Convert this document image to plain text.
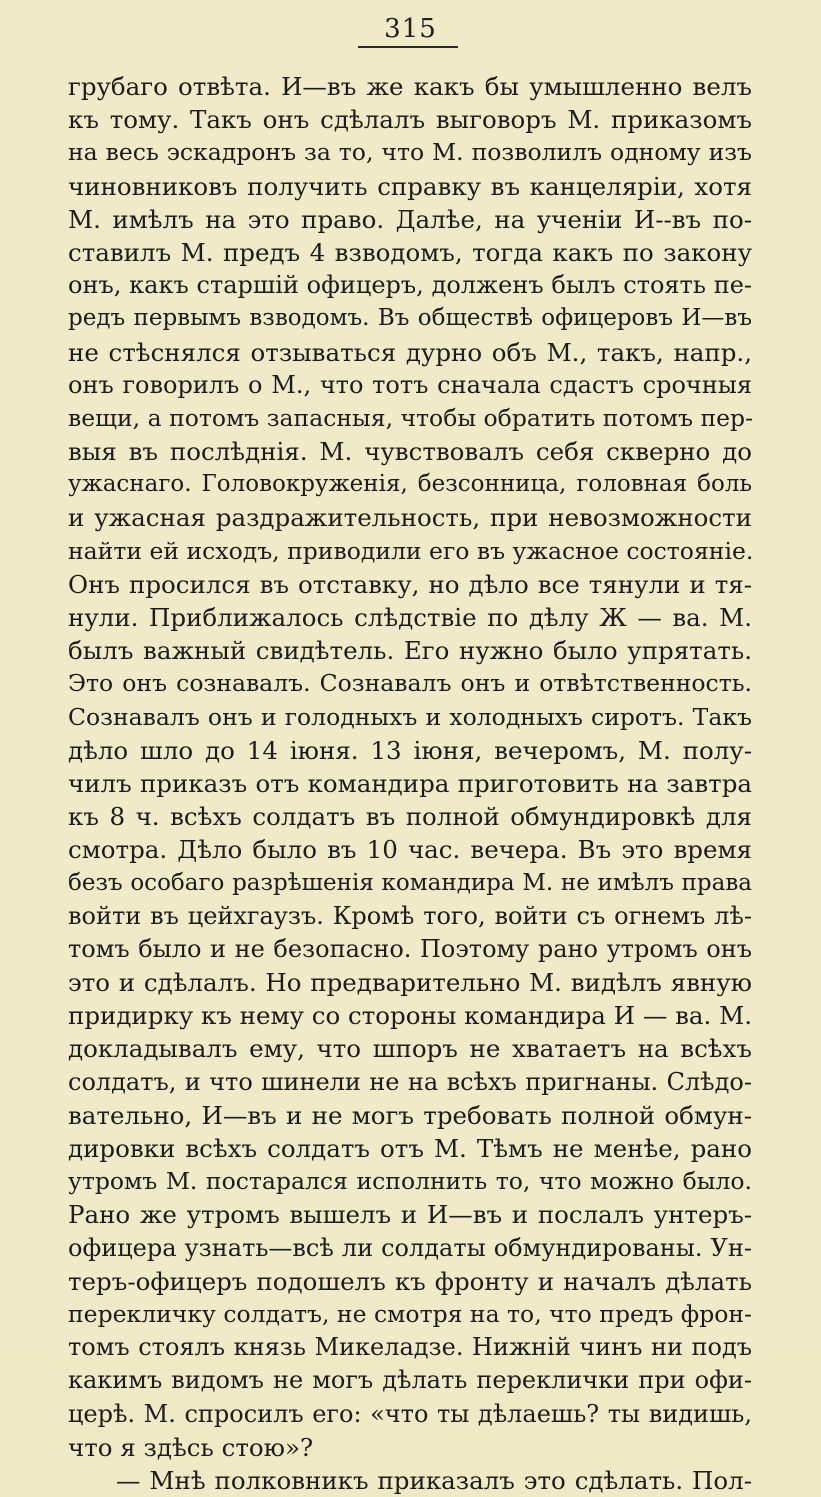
315
грубаго отвѣта. И—въ же какъ бы умышленно велъ
къ тому. Такъ онъ сдѣлалъ выговоръ М. приказомъ
на весь эскадронъ за то, что М. позволилъ одному изъ
чиновниковъ получить справку въ канцеляріи, хотя
М. имѣлъ на это право. Далѣе, на ученіи И--въ по-
ставилъ М. предъ 4 взводомъ, тогда какъ по закону
онъ, какъ старшій офицеръ, долженъ былъ стоять пе-
редъ первымъ взводомъ. Въ обществѣ офицеровъ И—въ
не стѣснялся отзываться дурно объ М., такъ, напр.,
онъ говорилъ о М., что тотъ сначала сдастъ срочныя
вещи, а потомъ запасныя, чтобы обратить потомъ пер-
выя въ послѣднія. М. чувствовалъ себя скверно до
ужаснаго. Головокруженія, безсонница, головная боль
и ужасная раздражительность, при невозможности
найти ей исходъ, приводили его въ ужасное состояніе.
Онъ просился въ отставку, но дѣло все тянули и тя-
нули. Приближалось слѣдствіе по дѣлу Ж — ва. М.
былъ важный свидѣтель. Его нужно было упрятать.
Это онъ сознавалъ. Сознавалъ онъ и отвѣтственность.
Сознавалъ онъ и голодныхъ и холодныхъ сиротъ. Такъ
дѣло шло до 14 іюня. 13 іюня, вечеромъ, М. полу-
чилъ приказъ отъ командира приготовить на завтра
къ 8 ч. всѣхъ солдатъ въ полной обмундировкѣ для
смотра. Дѣло было въ 10 час. вечера. Въ это время
безъ особаго разрѣшенія командира М. не имѣлъ права
войти въ цейхгаузъ. Кромѣ того, войти съ огнемъ лѣ-
томъ было и не безопасно. Поэтому рано утромъ онъ
это и сдѣлалъ. Но предварительно М. видѣлъ явную
придирку къ нему со стороны командира И — ва. М.
докладывалъ ему, что шпоръ не хватаетъ на всѣхъ
солдатъ, и что шинели не на всѣхъ пригнаны. Слѣдо-
вательно, И—въ и не могъ требовать полной обмун-
дировки всѣхъ солдатъ отъ М. Тѣмъ не менѣе, рано
утромъ М. постарался исполнить то, что можно было.
Рано же утромъ вышелъ и И—въ и послалъ унтеръ-
офицера узнать—всѣ ли солдаты обмундированы. Ун-
теръ-офицеръ подошелъ къ фронту и началъ дѣлать
перекличку солдатъ, не смотря на то, что предъ фрон-
томъ стоялъ князь Микеладзе. Нижній чинъ ни подъ
какимъ видомъ не могъ дѣлать переклички при офи-
церѣ. М. спросилъ его: «что ты дѣлаешь? ты видишь,
что я здѣсь стою»?
— Мнѣ полковникъ приказалъ это сдѣлать. Пол-
